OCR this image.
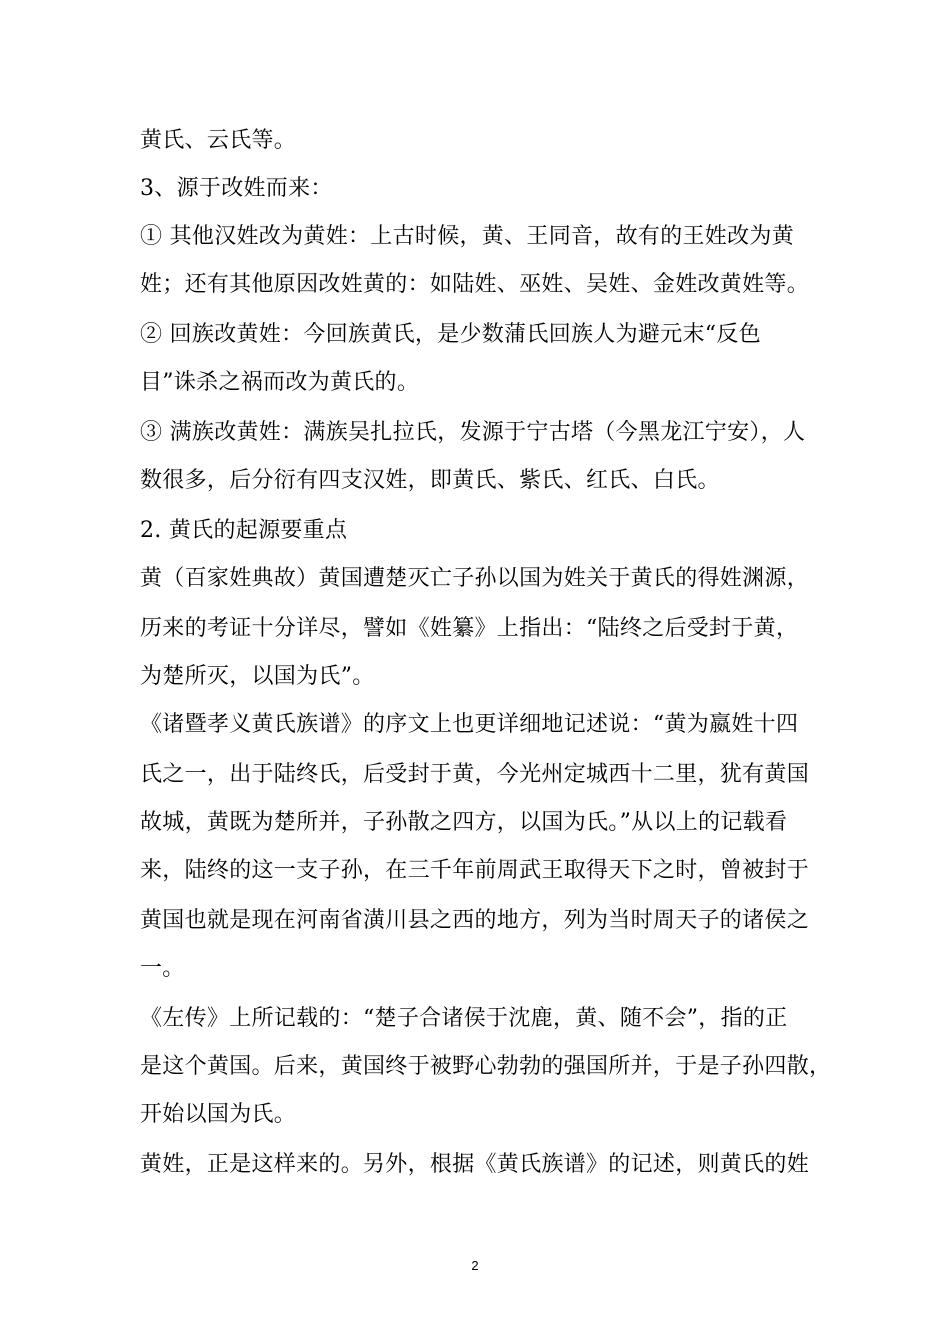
黄氏、云氏等。
3、源于改姓而来：
① 其他汉姓改为黄姓：上古时候，黄、王同音，故有的王姓改为黄
姓；还有其他原因改姓黄的：如陆姓、巫姓、吴姓、金姓改黄姓等。
② 回族改黄姓：今回族黄氏，是少数蒲氏回族人为避元末“反色
目”诛杀之祸而改为黄氏的。
③ 满族改黄姓：满族吴扎拉氏，发源于宁古塔（今黑龙江宁安），人
数很多，后分衍有四支汉姓，即黄氏、紫氏、红氏、白氏。
2. 黄氏的起源要重点
黄（百家姓典故）黄国遭楚灭亡子孙以国为姓关于黄氏的得姓渊源，
历来的考证十分详尽，譬如《姓纂》上指出：“陆终之后受封于黄，
为楚所灭，以国为氏”。
《诸暨孝义黄氏族谱》的序文上也更详细地记述说：“黄为嬴姓十四
氏之一，出于陆终氏，后受封于黄，今光州定城西十二里，犹有黄国
故城，黄既为楚所并，子孙散之四方，以国为氏。”从以上的记载看
来，陆终的这一支子孙，在三千年前周武王取得天下之时，曾被封于
黄国也就是现在河南省潢川县之西的地方，列为当时周天子的诸侯之
一。
《左传》上所记载的：“楚子合诸侯于沈鹿，黄、随不会”，指的正
是这个黄国。后来，黄国终于被野心勃勃的强国所并，于是子孙四散，
开始以国为氏。
黄姓，正是这样来的。另外，根据《黄氏族谱》的记述，则黄氏的姓
2
